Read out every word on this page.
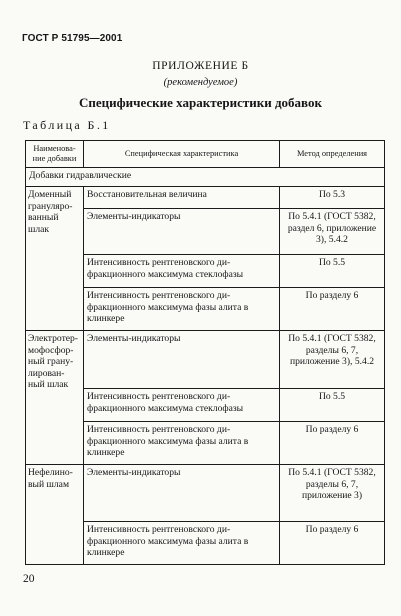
ГОСТ Р 51795—2001
ПРИЛОЖЕНИЕ Б
(рекомендуемое)
Специфические характеристики добавок
Таблица Б.1
Наименова-ние добавки	Специфическая характеристика	Метод определения
Добавки гидравлические		
Доменный грануляро-ванный шлак	Восстановительная величина	По 5.3
	Элементы-индикаторы	По 5.4.1 (ГОСТ 5382, раздел 6, приложение 3), 5.4.2
	Интенсивность рентгеновского ди-фракционного максимума стеклофазы	По 5.5
	Интенсивность рентгеновского ди-фракционного максимума фазы алита в клинкере	По разделу 6
Электротер-мофосфор-ный грану-лирован-ный шлак	Элементы-индикаторы	По 5.4.1 (ГОСТ 5382, разделы 6, 7, приложение 3), 5.4.2
	Интенсивность рентгеновского ди-фракционного максимума стеклофазы	По 5.5
	Интенсивность рентгеновского ди-фракционного максимума фазы алита в клинкере	По разделу 6
Нефелино-вый шлам	Элементы-индикаторы	По 5.4.1 (ГОСТ 5382, разделы 6, 7, приложение 3)
	Интенсивность рентгеновского ди-фракционного максимума фазы алита в клинкере	По разделу 6
20
